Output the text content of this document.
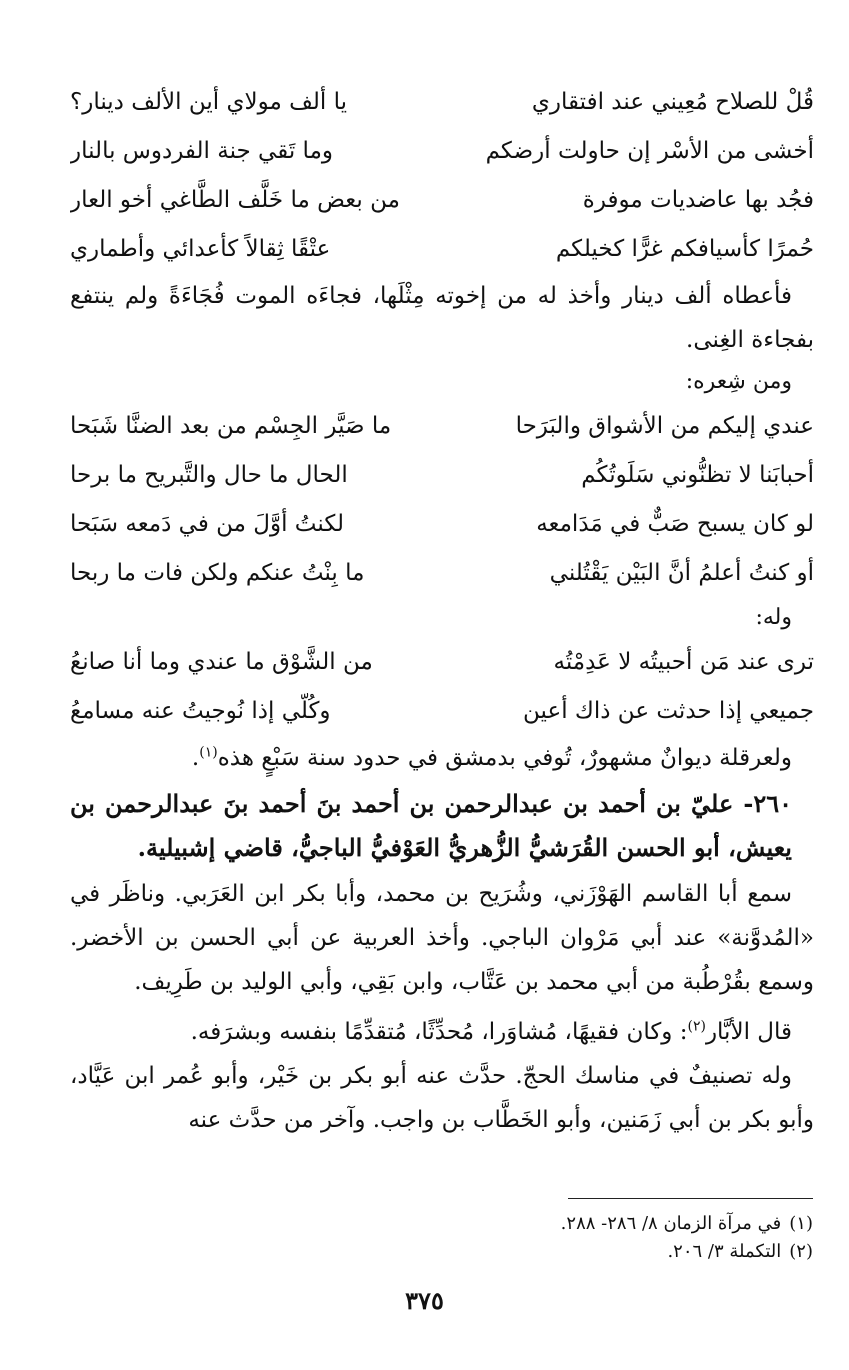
قُلْ للصلاح مُعِيني عند افتقاري
يا ألف مولاي أين الألف دينار؟
أخشى من الأسْر إن حاولت أرضكم
وما تَقي جنة الفردوس بالنار
فجُد بها عاضديات موفرة
من بعض ما خَلَّف الطَّاغي أخو العار
حُمرًا كأسيافكم غرًّا كخيلكم
عتْقًا ثِقالاً كأعدائي وأطماري

فأعطاه ألف دينار وأخذ له من إخوته مِثْلَها، فجاءَه الموت فُجَاءَةً ولم ينتفع بفجاءة الغِنى.

ومن شِعره:

عندي إليكم من الأشواق والبَرَحا
ما صَيَّر الجِسْم من بعد الضنَّا شَبَحا
أحبابَنا لا تظنُّوني سَلَوتُكُم
الحال ما حال والتَّبريح ما برحا
لو كان يسبح صَبٌّ في مَدَامعه
لكنتُ أوَّلَ من في دَمعه سَبَحا
أو كنتُ أعلمُ أنَّ البَيْن يَقْتُلني
ما بِنْتُ عنكم ولكن فات ما ربحا

وله:

ترى عند مَن أحبيتُه لا عَدِمْتُه
من الشَّوْق ما عندي وما أنا صانعُ
جميعي إذا حدثت عن ذاك أعين
وكُلّي إذا نُوجيتُ عنه مسامعُ

ولعرقلة ديوانٌ مشهورٌ، تُوفي بدمشق في حدود سنة سَبْعٍ هذه$^{(١)}$.

٢٦٠- عليّ بن أحمد بن عبدالرحمن بن أحمد بنَ أحمد بنَ عبدالرحمن بن يعيش، أبو الحسن القُرَشيُّ الزُّهريُّ العَوْفيُّ الباجيُّ، قاضي إشبيلية.

سمع أبا القاسم الهَوْزَني، وشُرَيح بن محمد، وأبا بكر ابن العَرَبي. وناظَر في «المُدوَّنة» عند أبي مَرْوان الباجي. وأخذ العربية عن أبي الحسن بن الأخضر. وسمع بقُرْطُبة من أبي محمد بن عَتَّاب، وابن بَقِي، وأبي الوليد بن طَرِيف.

قال الأبَّار$^{(٢)}$: وكان فقيهًا، مُشاوَرا، مُحدِّثًا، مُتقدِّمًا بنفسه وبشرَفه.

وله تصنيفٌ في مناسك الحجّ. حدَّث عنه أبو بكر بن خَيْر، وأبو عُمر ابن عَيَّاد، وأبو بكر بن أبي زَمَنين، وأبو الخَطَّاب بن واجب. وآخر من حدَّث عنه

(١)
في مرآة الزمان ٨/ ٢٨٦- ٢٨٨.
(٢)
التكملة ٣/ ٢٠٦.
٣٧٥
